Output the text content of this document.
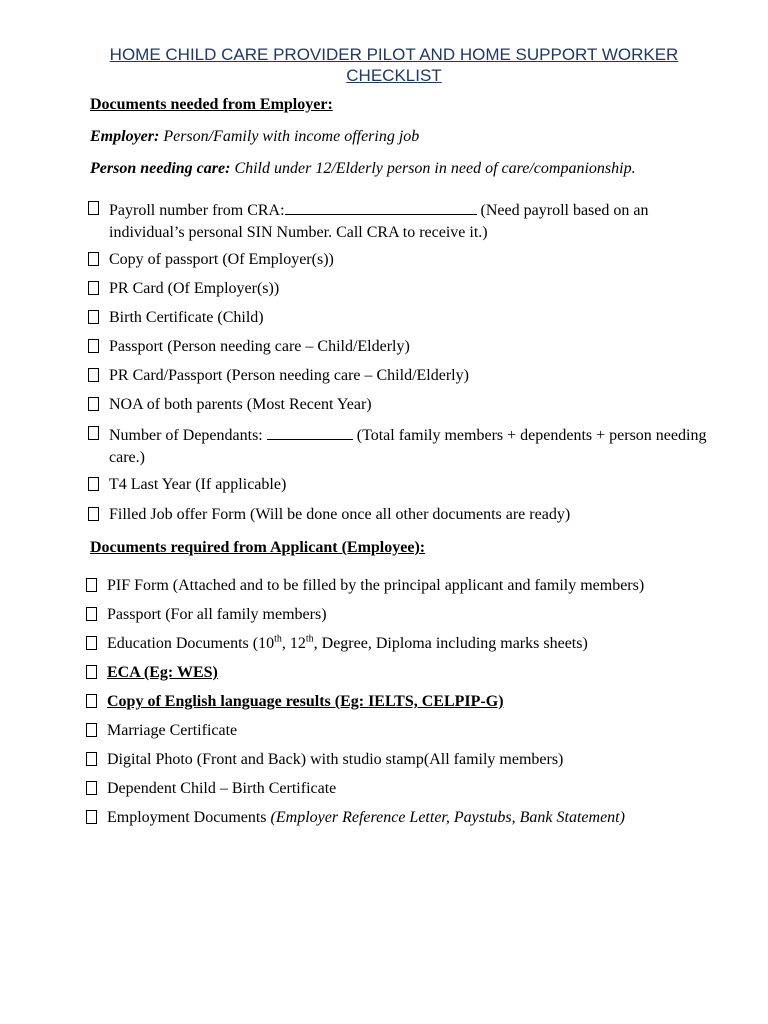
HOME CHILD CARE PROVIDER PILOT AND HOME SUPPORT WORKER CHECKLIST
Documents needed from Employer:
Employer: Person/Family with income offering job
Person needing care: Child under 12/Elderly person in need of care/companionship.
Payroll number from CRA:	(Need payroll based on an individual’s personal SIN Number. Call CRA to receive it.)
Copy of passport (Of Employer(s))
PR Card (Of Employer(s))
Birth Certificate (Child)
Passport (Person needing care – Child/Elderly)
PR Card/Passport (Person needing care – Child/Elderly)
NOA of both parents (Most Recent Year)
Number of Dependants:	(Total family members + dependents + person needing care.)
T4 Last Year (If applicable)
Filled Job offer Form (Will be done once all other documents are ready)
Documents required from Applicant (Employee):
PIF Form (Attached and to be filled by the principal applicant and family members)
Passport (For all family members)
Education Documents (10th, 12th, Degree, Diploma including marks sheets)
ECA (Eg: WES)
Copy of English language results (Eg: IELTS, CELPIP-G)
Marriage Certificate
Digital Photo (Front and Back) with studio stamp(All family members)
Dependent Child – Birth Certificate
Employment Documents (Employer Reference Letter, Paystubs, Bank Statement)
